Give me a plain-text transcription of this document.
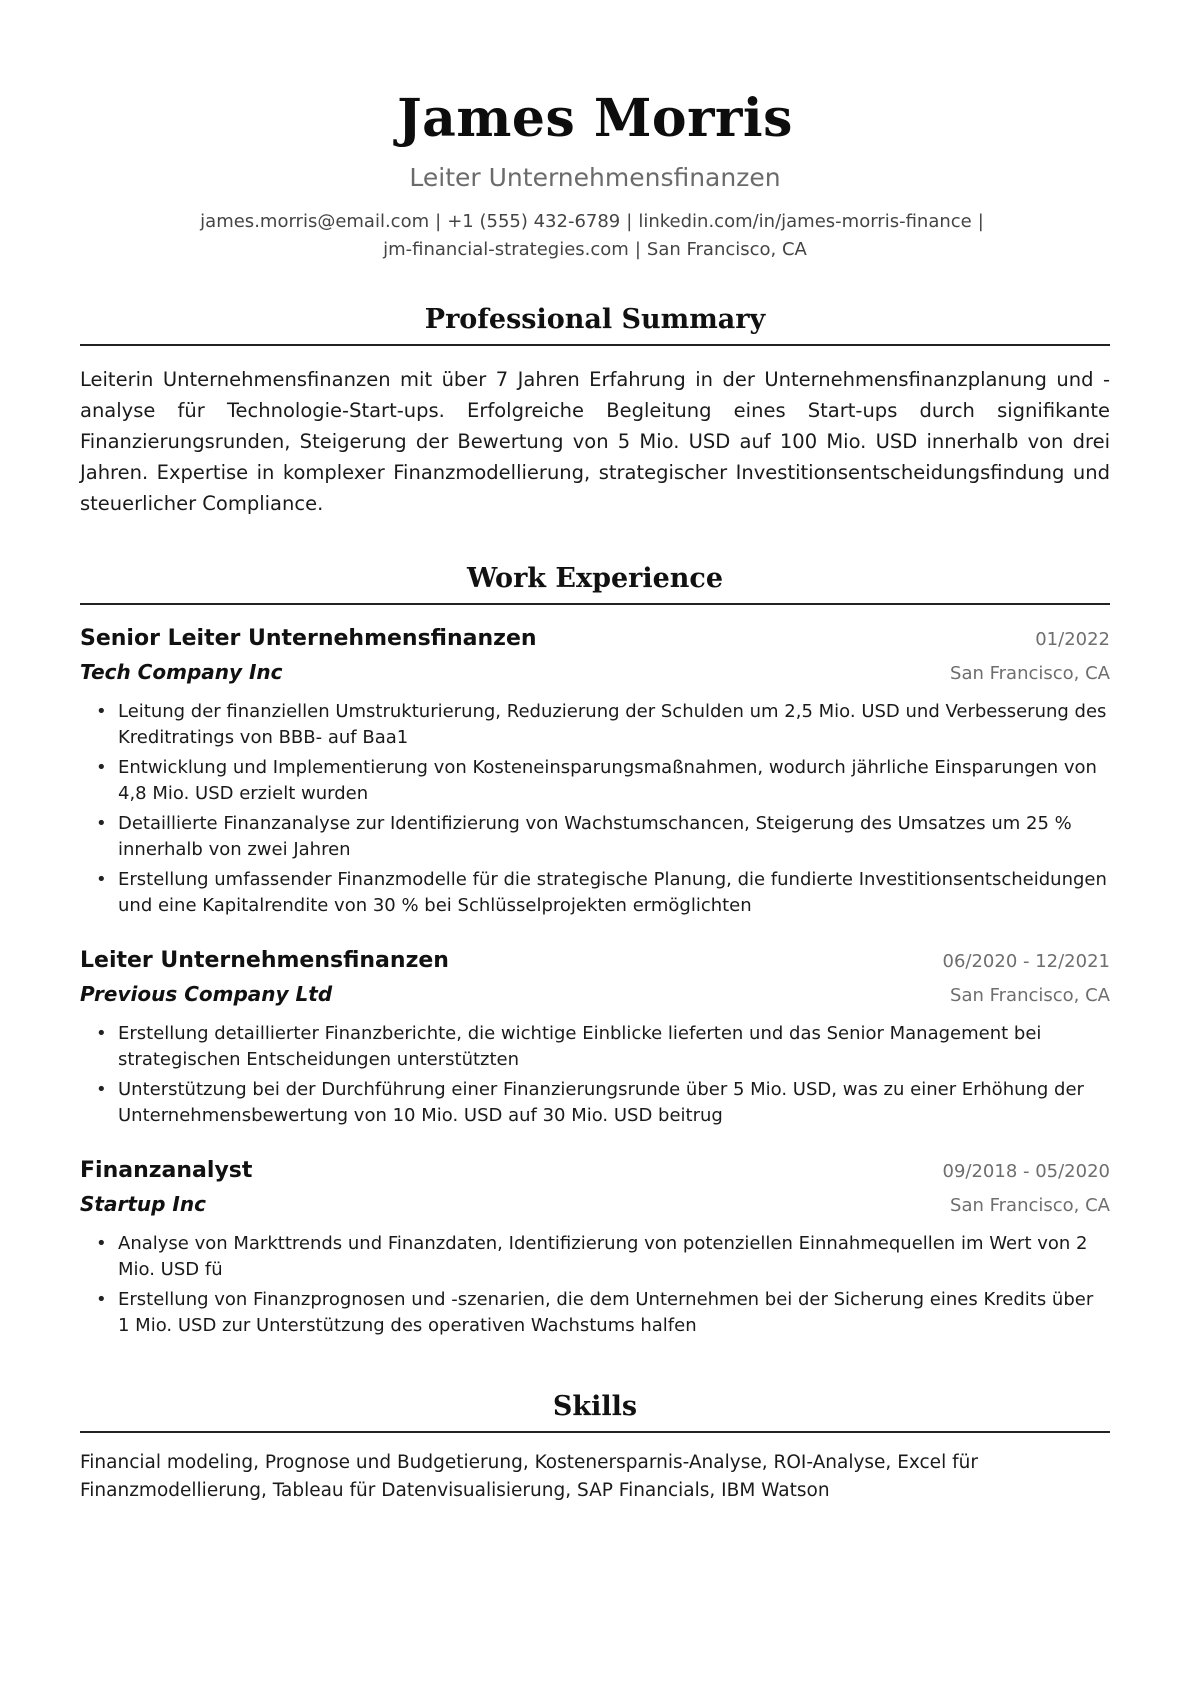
James Morris
Leiter Unternehmensfinanzen
james.morris@email.com | +1 (555) 432-6789 | linkedin.com/in/james-morris-finance |
jm-financial-strategies.com | San Francisco, CA
Professional Summary

Leiterin Unternehmensfinanzen mit über 7 Jahren Erfahrung in der Unternehmensfinanzplanung und -analyse für Technologie-Start-ups. Erfolgreiche Begleitung eines Start-ups durch signifikante Finanzierungsrunden, Steigerung der Bewertung von 5 Mio. USD auf 100 Mio. USD innerhalb von drei Jahren. Expertise in komplexer Finanzmodellierung, strategischer Investitionsentscheidungsfindung und steuerlicher Compliance.

Work Experience
Senior Leiter Unternehmensfinanzen	01/2022
Tech Company Inc	San Francisco, CA
• Leitung der finanziellen Umstrukturierung, Reduzierung der Schulden um 2,5 Mio. USD und Verbesserung des Kreditratings von BBB- auf Baa1
• Entwicklung und Implementierung von Kosteneinsparungsmaßnahmen, wodurch jährliche Einsparungen von 4,8 Mio. USD erzielt wurden
• Detaillierte Finanzanalyse zur Identifizierung von Wachstumschancen, Steigerung des Umsatzes um 25 % innerhalb von zwei Jahren
• Erstellung umfassender Finanzmodelle für die strategische Planung, die fundierte Investitionsentscheidungen und eine Kapitalrendite von 30 % bei Schlüsselprojekten ermöglichten
Leiter Unternehmensfinanzen	06/2020 - 12/2021
Previous Company Ltd	San Francisco, CA
• Erstellung detaillierter Finanzberichte, die wichtige Einblicke lieferten und das Senior Management bei strategischen Entscheidungen unterstützten
• Unterstützung bei der Durchführung einer Finanzierungsrunde über 5 Mio. USD, was zu einer Erhöhung der Unternehmensbewertung von 10 Mio. USD auf 30 Mio. USD beitrug
Finanzanalyst	09/2018 - 05/2020
Startup Inc	San Francisco, CA
• Analyse von Markttrends und Finanzdaten, Identifizierung von potenziellen Einnahmequellen im Wert von 2 Mio. USD fü
• Erstellung von Finanzprognosen und -szenarien, die dem Unternehmen bei der Sicherung eines Kredits über 1 Mio. USD zur Unterstützung des operativen Wachstums halfen
Skills

Financial modeling, Prognose und Budgetierung, Kostenersparnis-Analyse, ROI-Analyse, Excel für Finanzmodellierung, Tableau für Datenvisualisierung, SAP Financials, IBM Watson
